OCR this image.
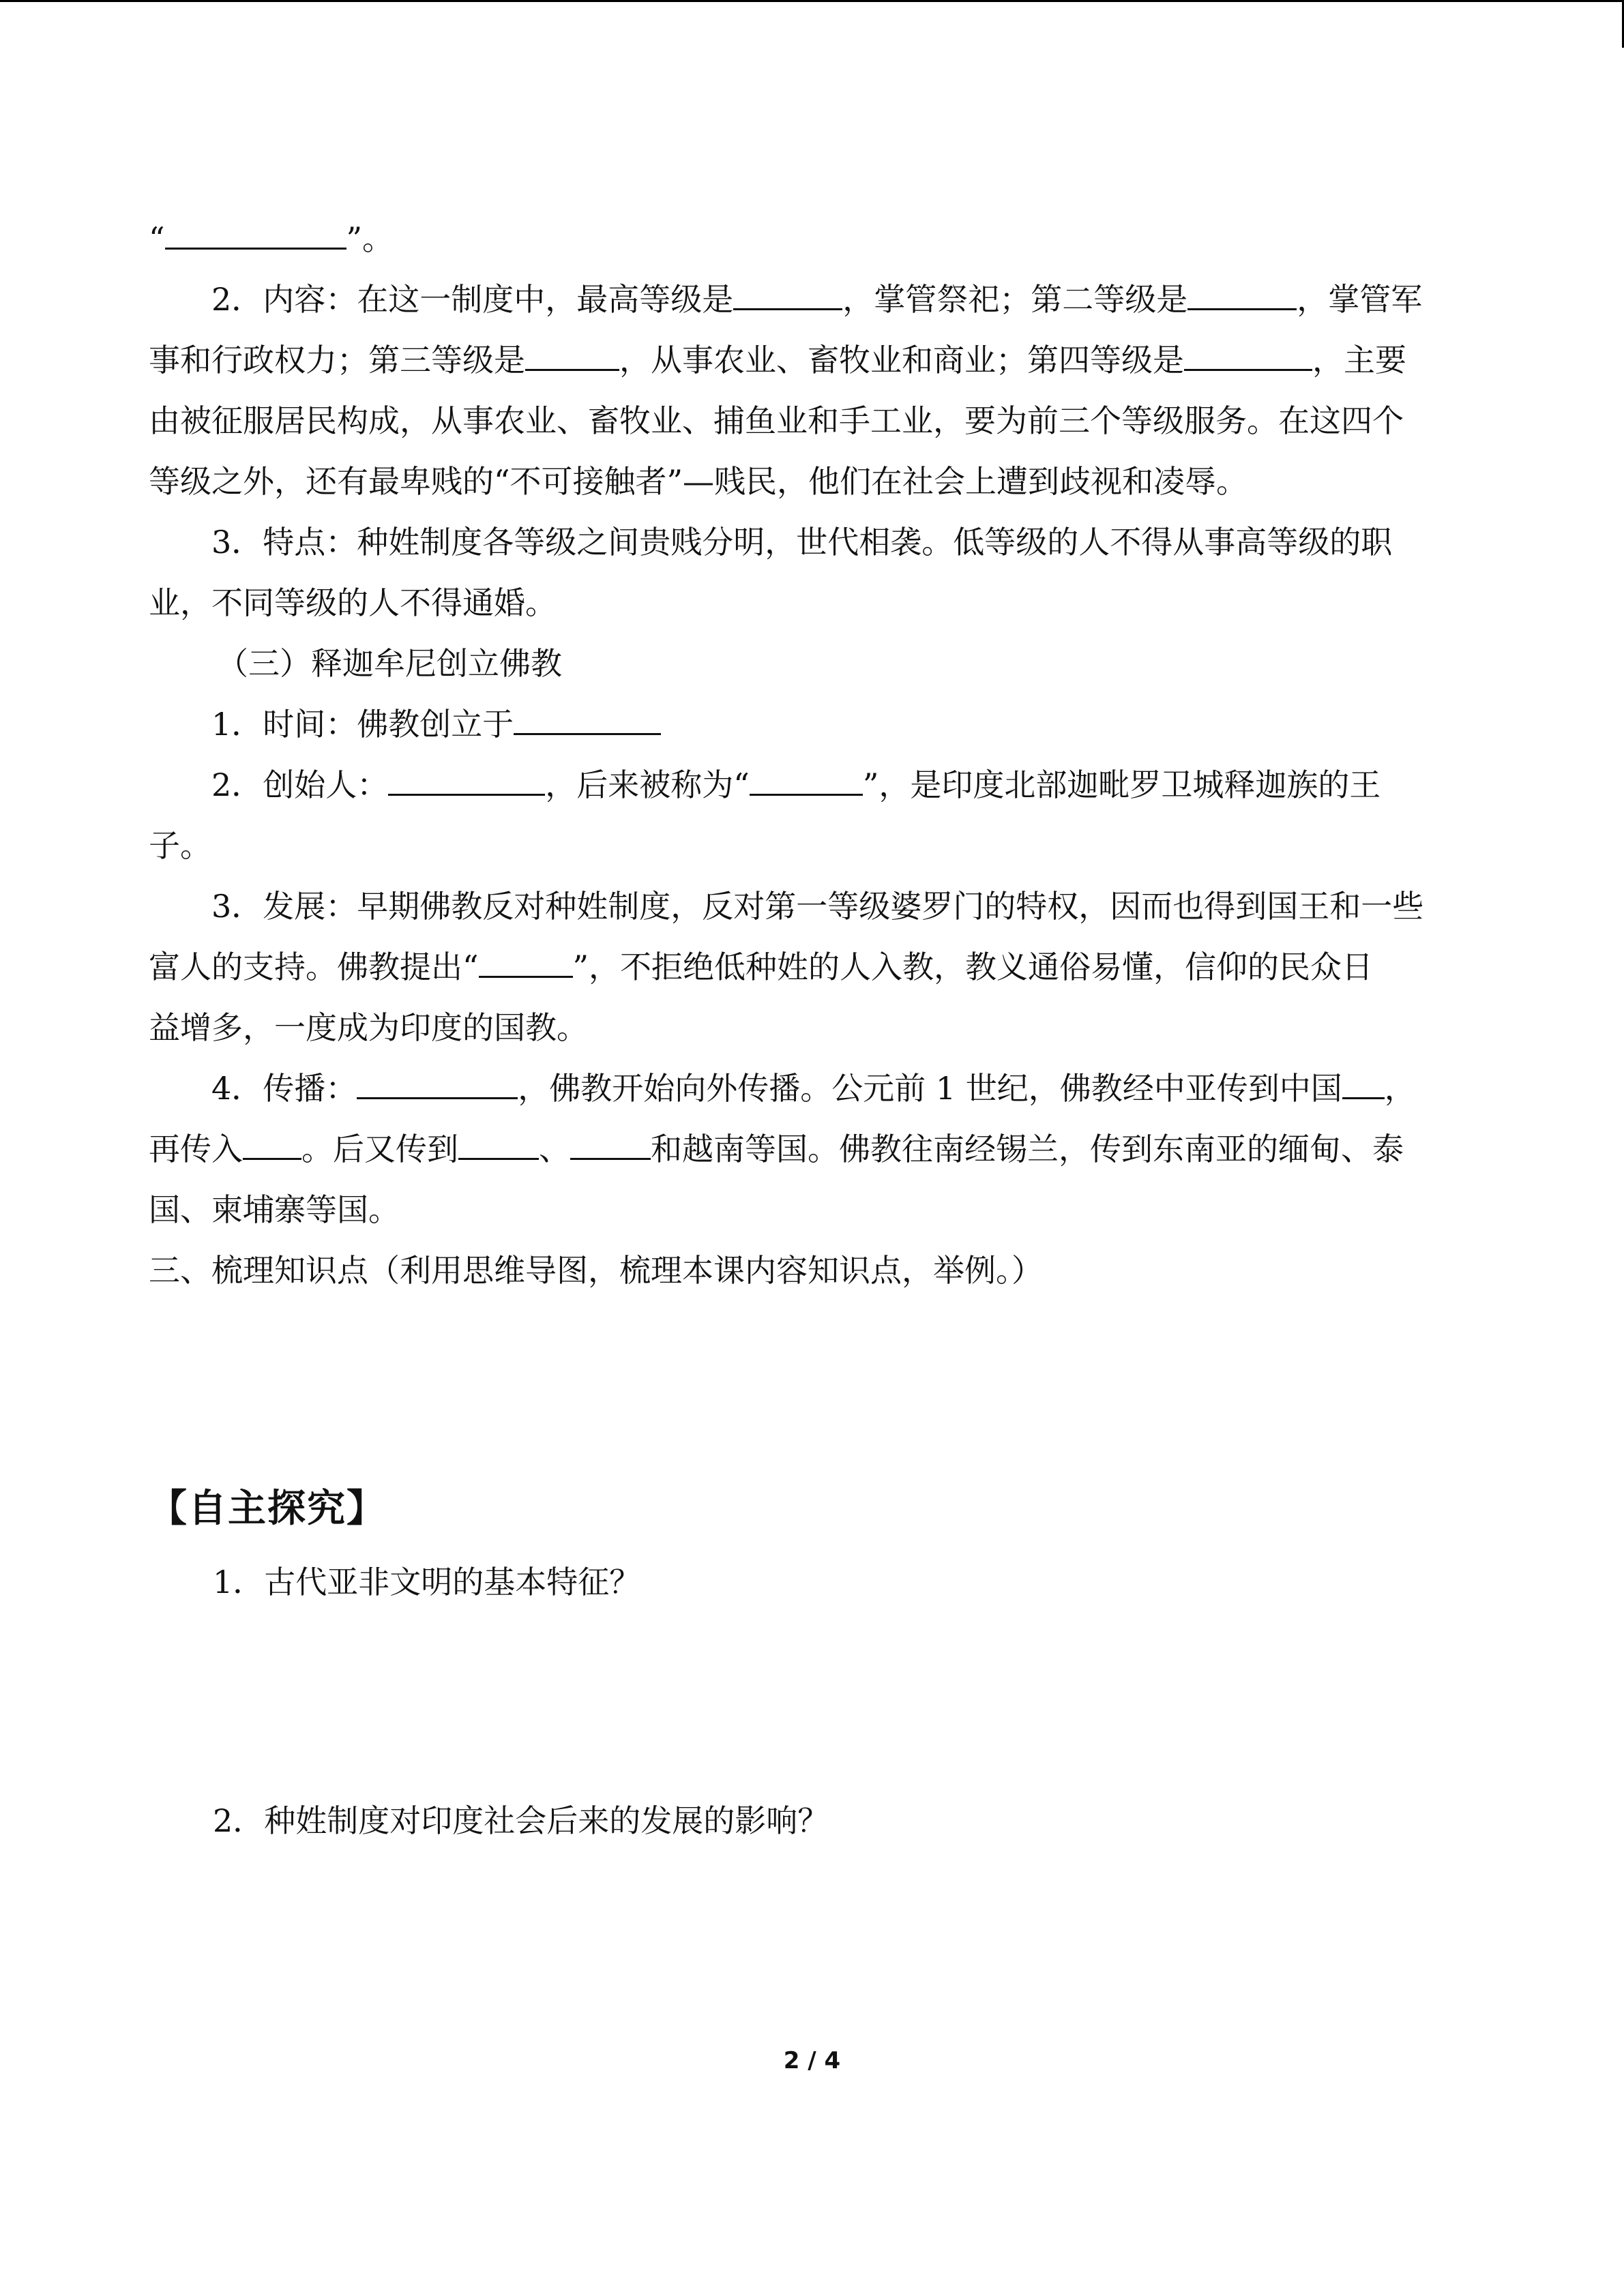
“	”。
2．内容：在这一制度中，最高等级是	，掌管祭祀；第二等级是	，掌管军
事和行政权力；第三等级是	，从事农业、畜牧业和商业；第四等级是	，主要
由被征服居民构成，从事农业、畜牧业、捕鱼业和手工业，要为前三个等级服务。在这四个
等级之外，还有最卑贱的“不可接触者”—贱民，他们在社会上遭到歧视和凌辱。
3．特点：种姓制度各等级之间贵贱分明，世代相袭。低等级的人不得从事高等级的职
业，不同等级的人不得通婚。
（三）释迦牟尼创立佛教
1．时间：佛教创立于
2．创始人：	，后来被称为“	”，是印度北部迦毗罗卫城释迦族的王
子。
3．发展：早期佛教反对种姓制度，反对第一等级婆罗门的特权，因而也得到国王和一些
富人的支持。佛教提出“	”，不拒绝低种姓的人入教，教义通俗易懂，信仰的民众日
益增多，一度成为印度的国教。
4．传播：	，佛教开始向外传播。公元前 1 世纪，佛教经中亚传到中国 ，
再传入 。后又传到	、	和越南等国。佛教往南经锡兰，传到东南亚的缅甸、泰
国、柬埔寨等国。
三、梳理知识点（利用思维导图，梳理本课内容知识点，举例。）
【自主探究】
1．古代亚非文明的基本特征？
2．种姓制度对印度社会后来的发展的影响？
2 / 4
